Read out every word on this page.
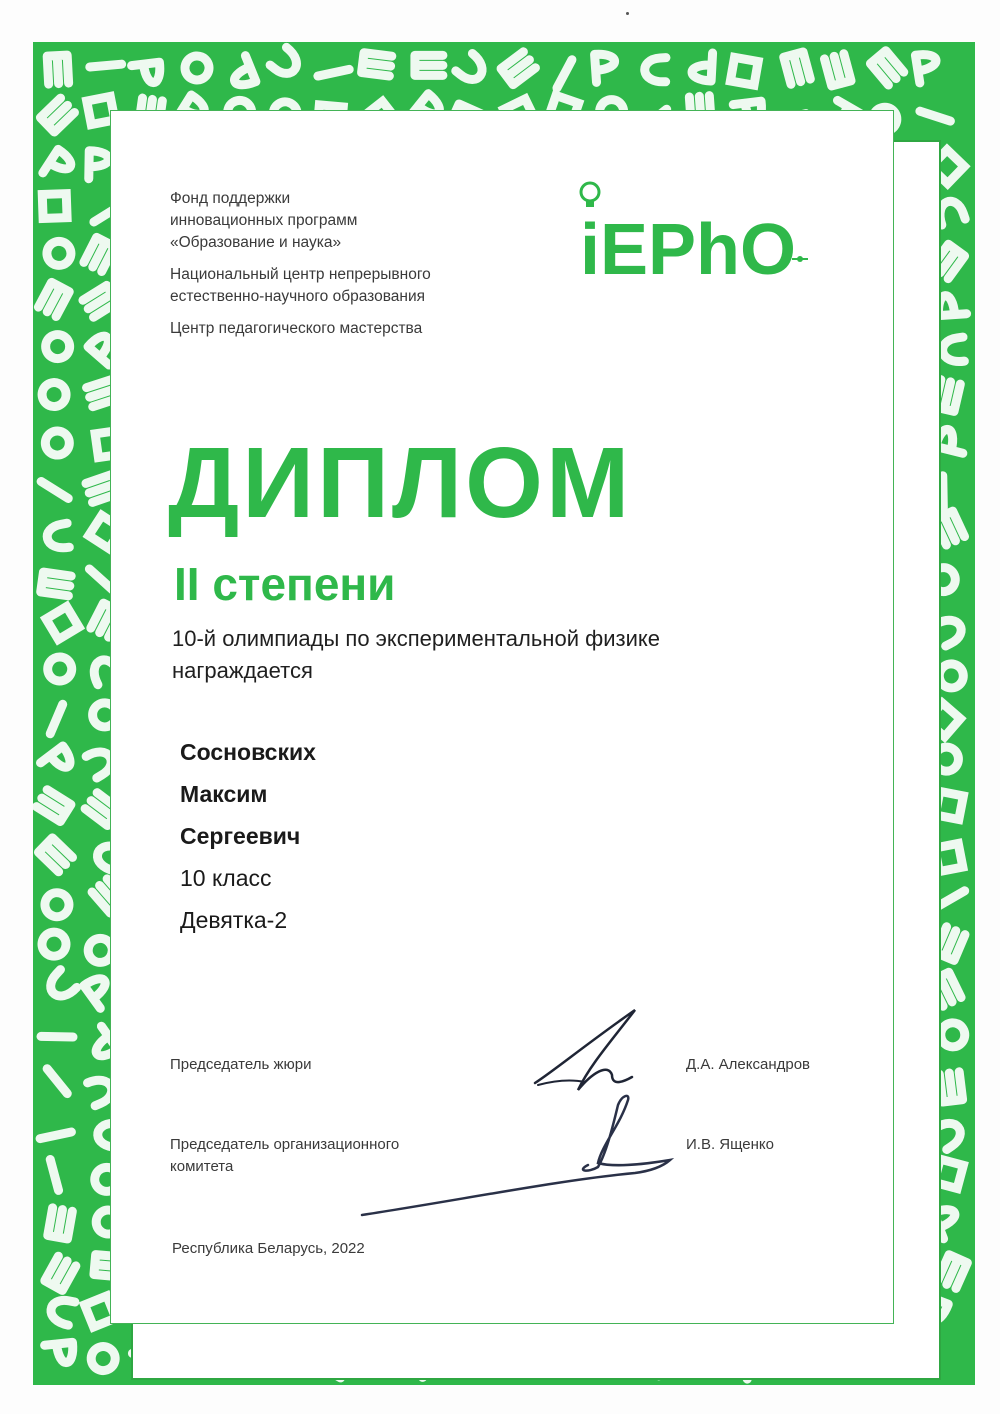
Фонд поддержки
инновационных программ
«Образование и наука»
Национальный центр непрерывного
естественно-научного образования
Центр педагогического мастерства
iEPhO
ДИПЛОМ
II степени
10-й олимпиады по экспериментальной физике
награждается
Сосновских
Максим
Сергеевич
10 класс
Девятка-2
Председатель жюри	Д.А. Александров
Председатель организационного
комитета
И.В. Ященко
Республика Беларусь, 2022
